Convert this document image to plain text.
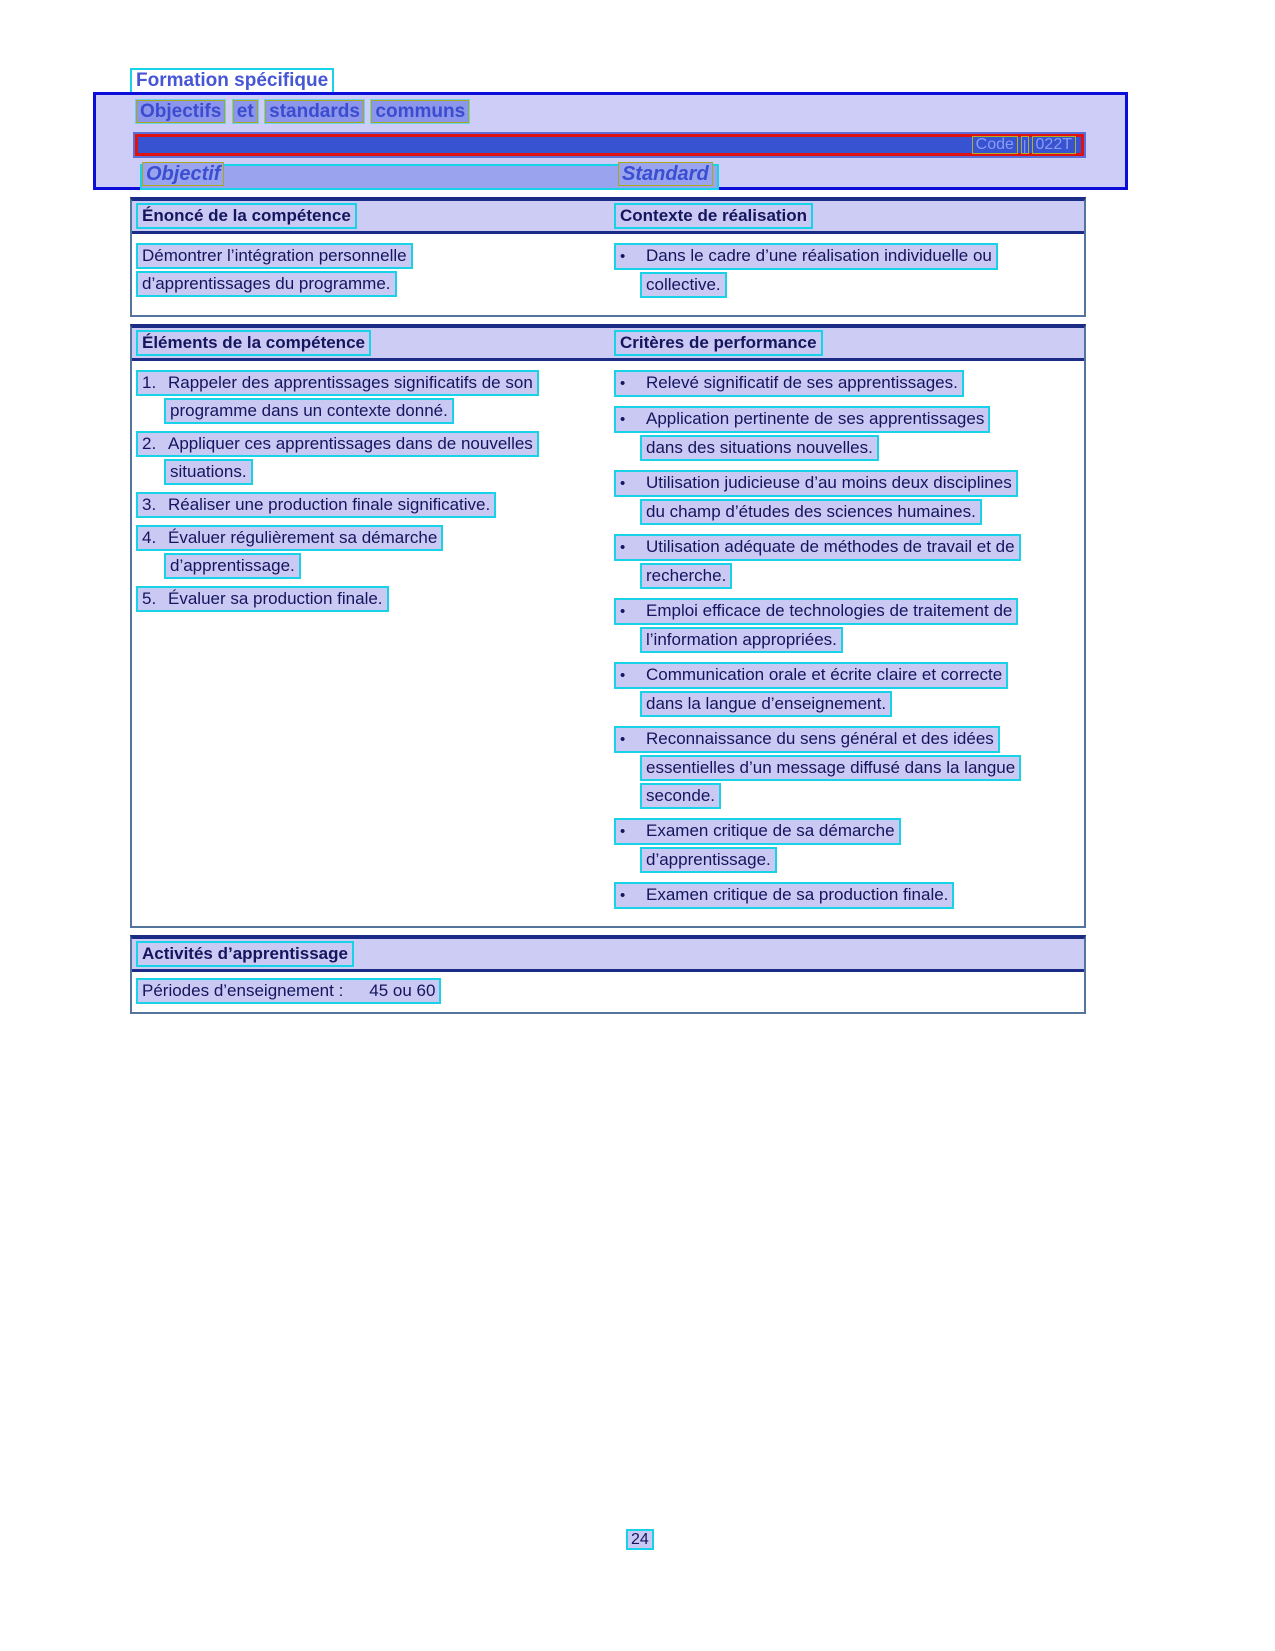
Formation spécifique
Objectifs et standards communs
Code | 022T
Objectif	Standard
Énoncé de la compétence	Contexte de réalisation
Démontrer l’intégration personnelle
d’apprentissages du programme.
• Dans le cadre d’une réalisation individuelle ou
collective.
Éléments de la compétence	Critères de performance
1. Rappeler des apprentissages significatifs de son
programme dans un contexte donné.
2. Appliquer ces apprentissages dans de nouvelles
situations.
3. Réaliser une production finale significative.
4. Évaluer régulièrement sa démarche
d’apprentissage.
5. Évaluer sa production finale.
• Relevé significatif de ses apprentissages.
• Application pertinente de ses apprentissages
dans des situations nouvelles.
• Utilisation judicieuse d’au moins deux disciplines
du champ d’études des sciences humaines.
• Utilisation adéquate de méthodes de travail et de
recherche.
• Emploi efficace de technologies de traitement de
l’information appropriées.
• Communication orale et écrite claire et correcte
dans la langue d’enseignement.
• Reconnaissance du sens général et des idées
essentielles d’un message diffusé dans la langue
seconde.
• Examen critique de sa démarche
d’apprentissage.
• Examen critique de sa production finale.
Activités d’apprentissage
Périodes d’enseignement : 45 ou 60
24
